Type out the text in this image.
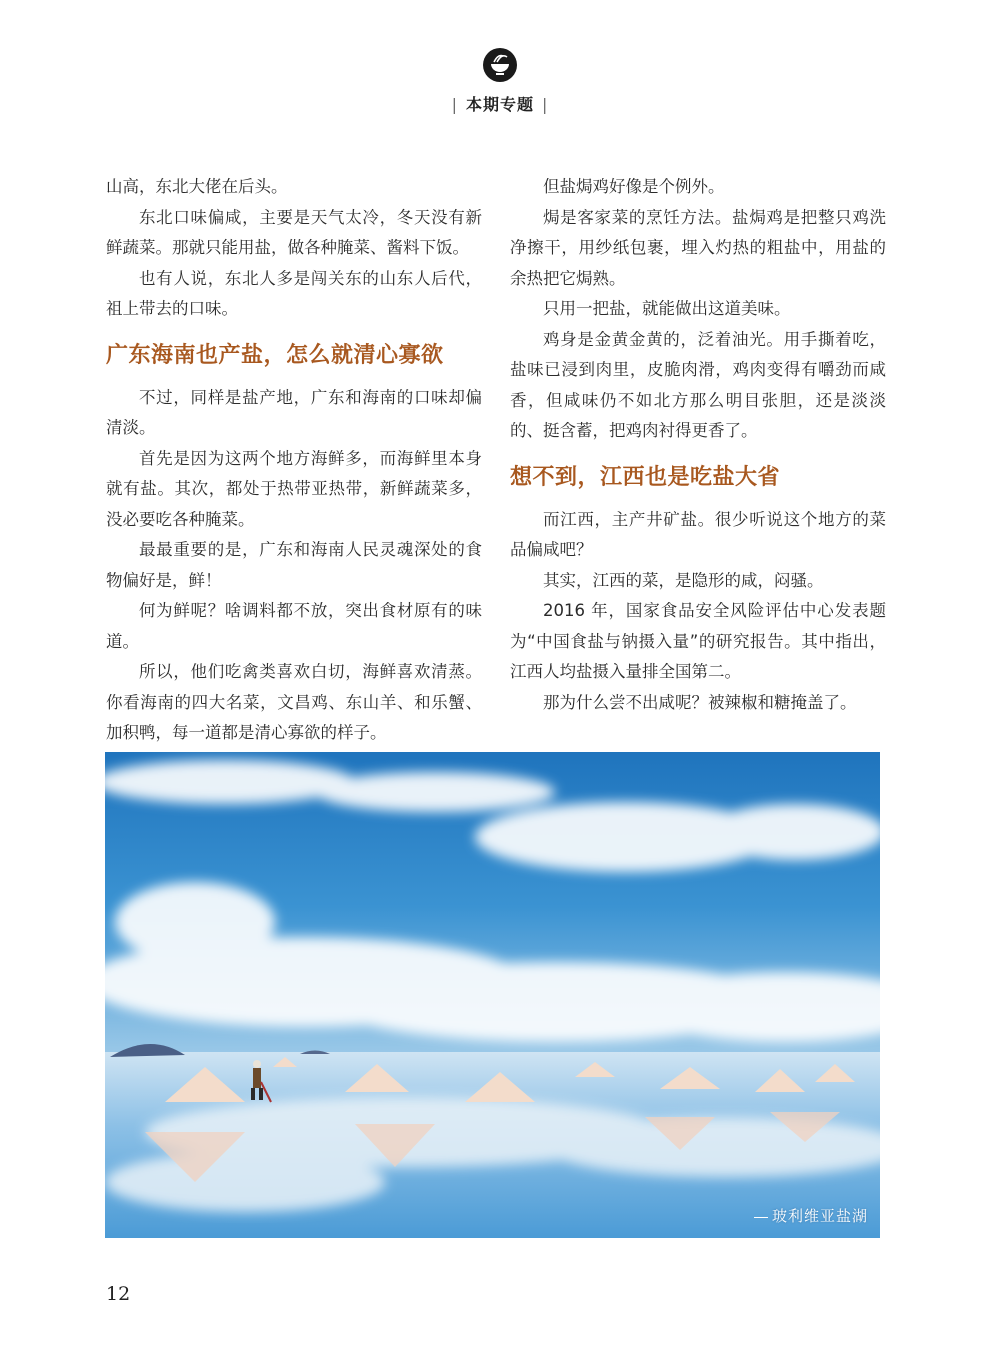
| 本期专题 |

山高，东北大佬在后头。

东北口味偏咸，主要是天气太冷，冬天没有新鲜蔬菜。那就只能用盐，做各种腌菜、酱料下饭。

也有人说，东北人多是闯关东的山东人后代，祖上带去的口味。

广东海南也产盐，怎么就清心寡欲

不过，同样是盐产地，广东和海南的口味却偏清淡。

首先是因为这两个地方海鲜多，而海鲜里本身就有盐。其次，都处于热带亚热带，新鲜蔬菜多，没必要吃各种腌菜。

最最重要的是，广东和海南人民灵魂深处的食物偏好是，鲜！

何为鲜呢？啥调料都不放，突出食材原有的味道。

所以，他们吃禽类喜欢白切，海鲜喜欢清蒸。你看海南的四大名菜，文昌鸡、东山羊、和乐蟹、加积鸭，每一道都是清心寡欲的样子。

但盐焗鸡好像是个例外。

焗是客家菜的烹饪方法。盐焗鸡是把整只鸡洗净擦干，用纱纸包裹，埋入灼热的粗盐中，用盐的余热把它焗熟。

只用一把盐，就能做出这道美味。

鸡身是金黄金黄的，泛着油光。用手撕着吃，盐味已浸到肉里，皮脆肉滑，鸡肉变得有嚼劲而咸香，但咸味仍不如北方那么明目张胆，还是淡淡的、挺含蓄，把鸡肉衬得更香了。

想不到，江西也是吃盐大省

而江西，主产井矿盐。很少听说这个地方的菜品偏咸吧？

其实，江西的菜，是隐形的咸，闷骚。

2016 年，国家食品安全风险评估中心发表题为“中国食盐与钠摄入量”的研究报告。其中指出，江西人均盐摄入量排全国第二。

那为什么尝不出咸呢？被辣椒和糖掩盖了。

玻利维亚盐湖
12
